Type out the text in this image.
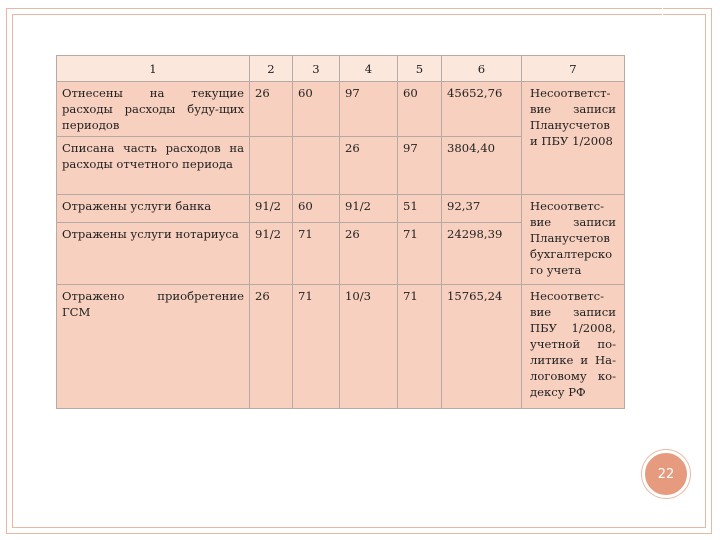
1	2	3	4	5	6	7
Отнесены на текущие расходы расходы буду-щих периодов	26	60	97	60	45652,76	Несоответст-вие записи Планусчетов и ПБУ 1/2008
Списана часть расходов на расходы отчетного периода			26	97	3804,40	
Отражены услуги банка	91/2	60	91/2	51	92,37	Несоответс-вие записи Планусчетов бухгалтерско го учета
Отражены услуги нотариуса	91/2	71	26	71	24298,39	
Отражено приобретение ГСМ	26	71	10/3	71	15765,24	Несоответс-вие записи ПБУ 1/2008, учетной по-литике и На-логовому ко-дексу РФ
22
